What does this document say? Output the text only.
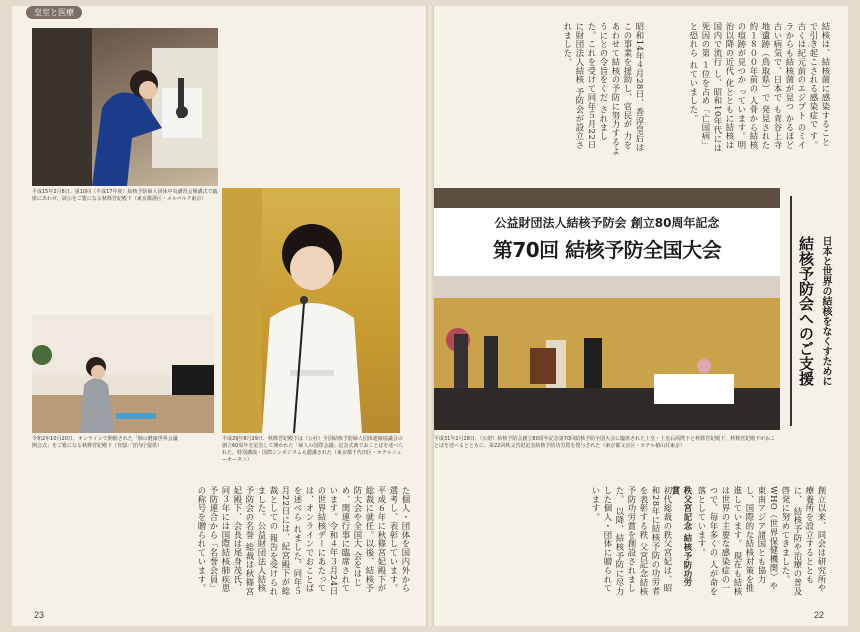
皇室と医療
平成15年2月8日、第10回（平成17年度）結核予防婦人団体中央講習会開講式で臨席にあわせ、展示をご覧になる秋篠宮妃殿下（東京都港区・メルパルク東京）
令和2年10月20日、オンラインで開催された「肺の健康世界会議開会式」をご覧になる秋篠宮妃殿下（宮邸／宮内庁提供）
平成29年8月29日、秋篠宮妃殿下は（公社）全国結核予防婦人団体連絡協議会の創立60周年を記念して開かれた「婦人の国際会議」記念式典でおことばを述べられた。特別講演・国際シンポジウムも聴講された（東京都千代田区・ホテルニューオータニ）
公益財団法人結核予防会 創立80周年記念
第70回 結核予防全国大会
平成31年2月28日、（公財）結核予防会創立80周年記念第70回結核予防全国大会に臨席された上皇・上皇后両陛下と秋篠宮妃殿下。秋篠宮妃殿下がおことばを述べるとともに、第22回秩父宮妃記念結核予防功労賞を授与された（東京都文京区・ホテル椿山荘東京）
日本と世界の結核をなくすために
結核予防会へのご支援
結核は、結核菌に感染すること で引き起こされる感染症で す。古くは紀元前のエジプト のミイラからも結核菌が見つ かるほど古い病気で、日本で も青谷上寺地遺跡（鳥取県）で 発見された約１８００年前の 人骨から結核の痕跡が見つか っています。明治以降の近代 化とともに結核は国内で流行 し、昭和10年代には死因の第 １位を占め「亡国病」と恐れら れていました。
昭和14年４月28日、香淳皇后はこの事業を援助し、官民が 力をあわせて結核の予防に努力するようにとの令旨をくだ されました。これを受けて同年５月22日に財団法人結核 予防会が設立されました。
創立以来、同会は研究所や療養所を設立するとともに、 結核予防や治療の普及啓発に努めてきました。WHO（世界保健機関）や 東南アジア諸国とも協力し、国際的な結核対策を推進しています。 現在も結核は世界の主要な感染症の一つで、毎年多くの 人が命を落としています。
秩父宮記念 結核予防功労賞
初代総裁の秩父宮妃は、昭和28年に結核予防の功労者を表彰する秩 父宮記念結核予防功労賞を創設されました。 以降、結核予防に尽力した個人・団体に贈られています。
た個人・団体を国内外から選考し、表彰しています。 平成６年に秋篠宮妃殿下が総裁に就任。以後、結核予防大会や全国大 会をはじめ、関連行事に臨席されています。令和４年３月24日 の世界結核デーにあたっては、オンラインでおことばを述べら れました。同年５月22日には、紀宮殿下が総裁としての 報告を受けられました。公益財団法人結核予防会の名誉 総裁は秋篠宮妃殿下、会長は尾身茂氏、同３年には国際結核肺疾患 予防連合から「名誉会員」の称号を贈られています。
23	22
